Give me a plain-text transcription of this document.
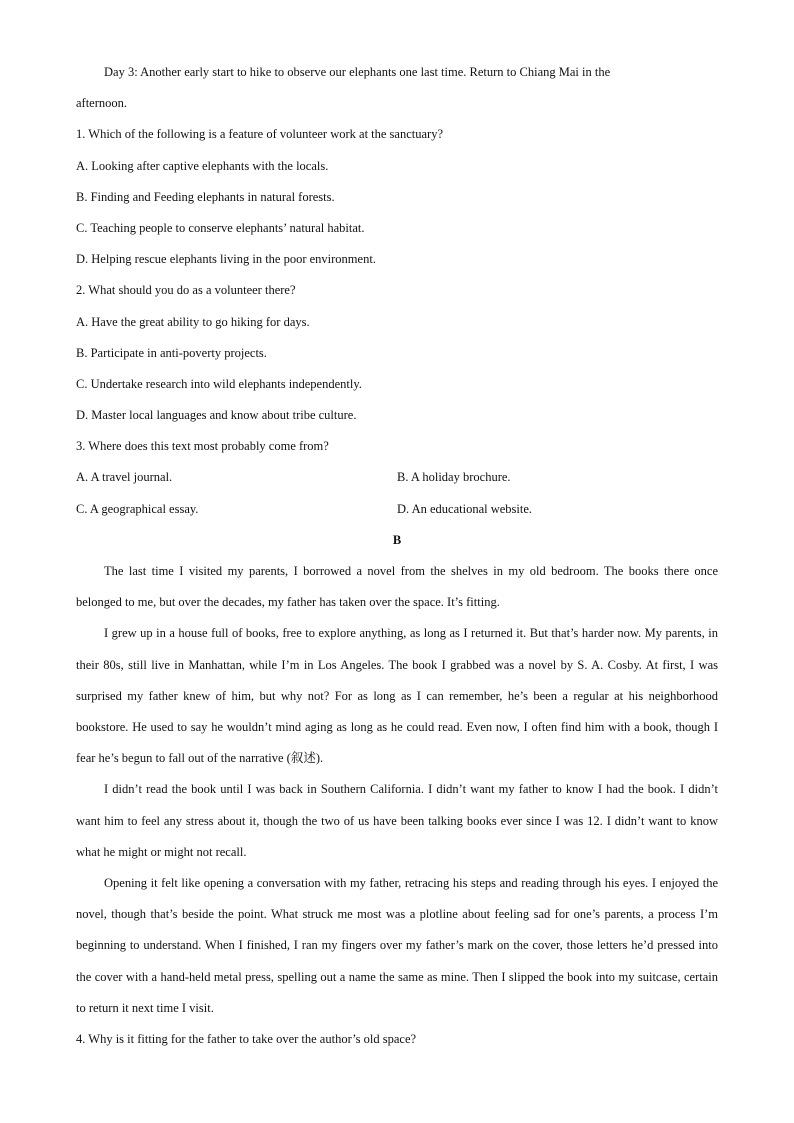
Day 3: Another early start to hike to observe our elephants one last time. Return to Chiang Mai in the
afternoon.
1. Which of the following is a feature of volunteer work at the sanctuary?
A. Looking after captive elephants with the locals.
B. Finding and Feeding elephants in natural forests.
C. Teaching people to conserve elephants’ natural habitat.
D. Helping rescue elephants living in the poor environment.
2. What should you do as a volunteer there?
A. Have the great ability to go hiking for days.
B. Participate in anti-poverty projects.
C. Undertake research into wild elephants independently.
D. Master local languages and know about tribe culture.
3. Where does this text most probably come from?
A. A travel journal.	B. A holiday brochure.
C. A geographical essay.	D. An educational website.
B

The last time I visited my parents, I borrowed a novel from the shelves in my old bedroom. The books there once belonged to me, but over the decades, my father has taken over the space. It’s fitting.

I grew up in a house full of books, free to explore anything, as long as I returned it. But that’s harder now. My parents, in their 80s, still live in Manhattan, while I’m in Los Angeles. The book I grabbed was a novel by S. A. Cosby. At first, I was surprised my father knew of him, but why not? For as long as I can remember, he’s been a regular at his neighborhood bookstore. He used to say he wouldn’t mind aging as long as he could read. Even now, I often find him with a book, though I fear he’s begun to fall out of the narrative (叙述).

I didn’t read the book until I was back in Southern California. I didn’t want my father to know I had the book. I didn’t want him to feel any stress about it, though the two of us have been talking books ever since I was 12. I didn’t want to know what he might or might not recall.

Opening it felt like opening a conversation with my father, retracing his steps and reading through his eyes. I enjoyed the novel, though that’s beside the point. What struck me most was a plotline about feeling sad for one’s parents, a process I’m beginning to understand. When I finished, I ran my fingers over my father’s mark on the cover, those letters he’d pressed into the cover with a hand-held metal press, spelling out a name the same as mine. Then I slipped the book into my suitcase, certain to return it next time I visit.

4. Why is it fitting for the father to take over the author’s old space?
